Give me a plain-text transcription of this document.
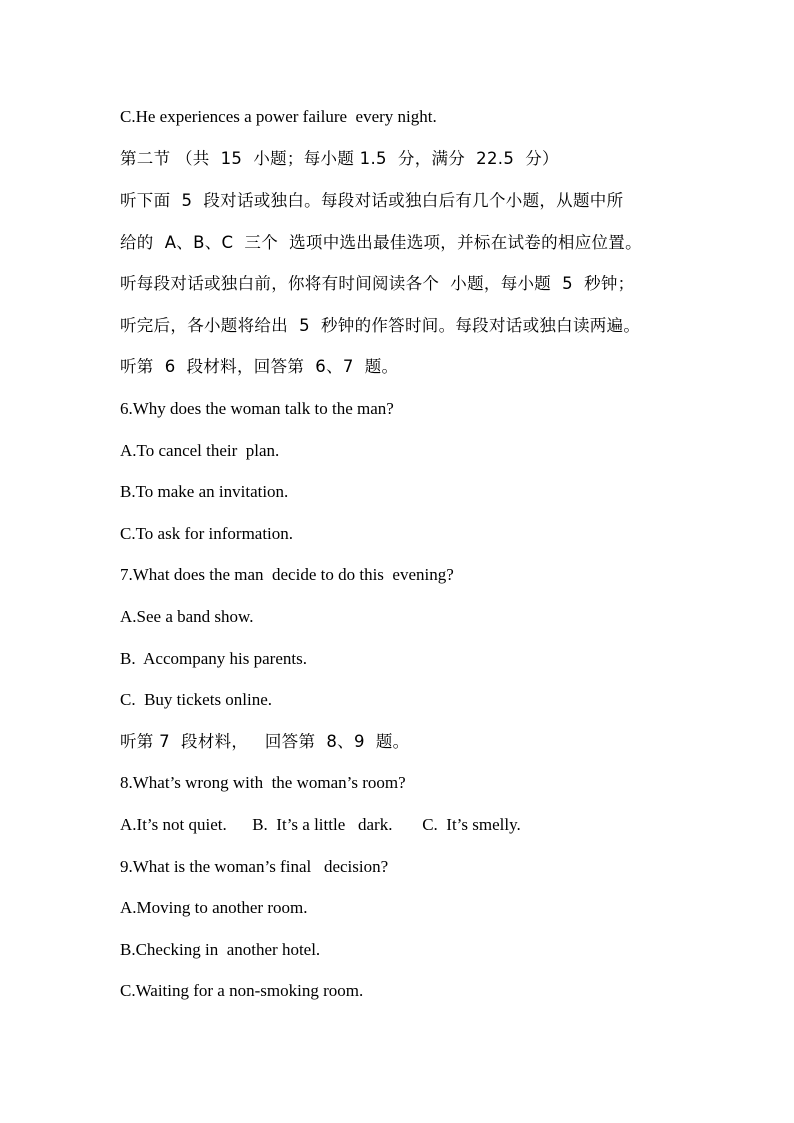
C.He experiences a power failure  every night.
第二节 （共  15  小题；每小题 1.5  分，满分  22.5  分）
听下面  5  段对话或独白。每段对话或独白后有几个小题，从题中所
给的  A、B、C  三个  选项中选出最佳选项，并标在试卷的相应位置。
听每段对话或独白前，你将有时间阅读各个  小题，每小题  5  秒钟；
听完后，各小题将给出  5  秒钟的作答时间。每段对话或独白读两遍。
听第  6  段材料，回答第  6、7  题。
6.Why does the woman talk to the man?
A.To cancel their  plan.
B.To make an invitation.
C.To ask for information.
7.What does the man  decide to do this  evening?
A.See a band show.
B.  Accompany his parents.
C.  Buy tickets online.
听第 7  段材料，   回答第  8、9  题。
8.What’s wrong with  the woman’s room?
A.It’s not quiet.      B.  It’s a little   dark.       C.  It’s smelly.
9.What is the woman’s final   decision?
A.Moving to another room.
B.Checking in  another hotel.
C.Waiting for a non-smoking room.
